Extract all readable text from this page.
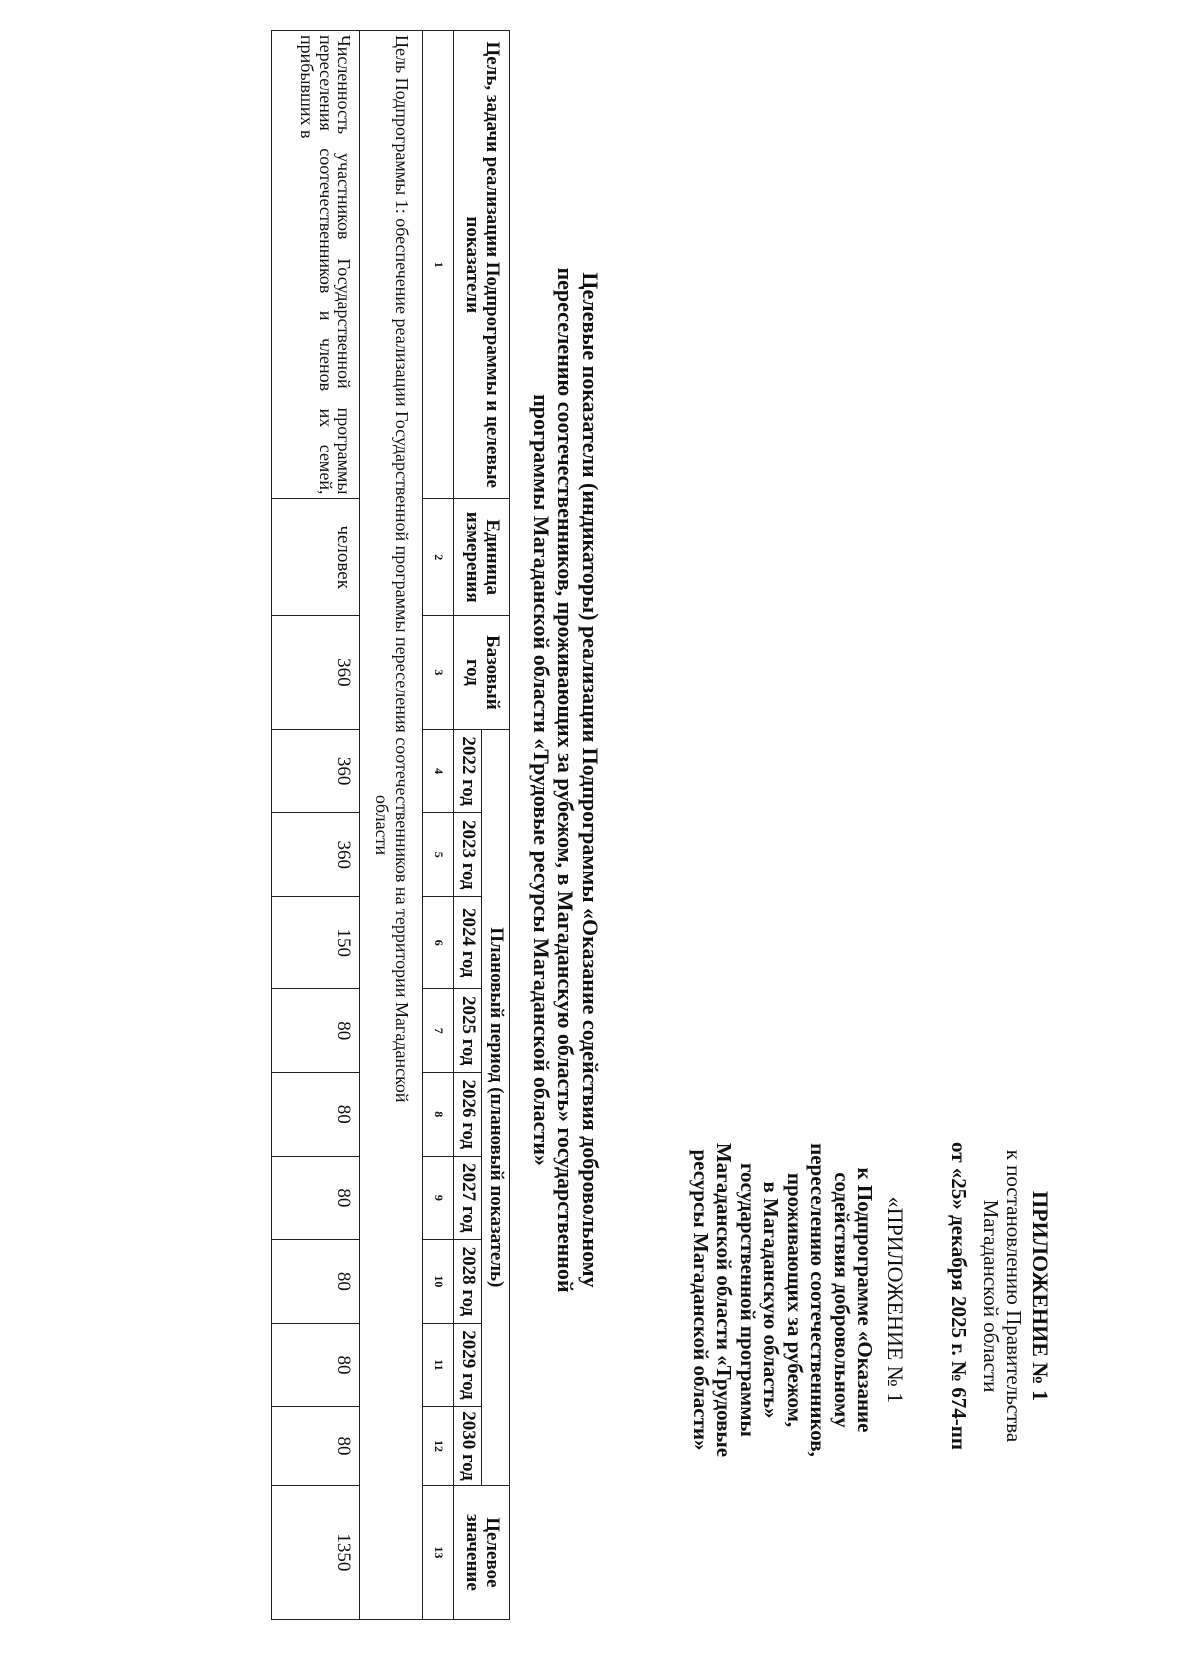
ПРИЛОЖЕНИЕ № 1
к постановлению Правительства
Магаданской области
от «25» декабря 2025 г. № 674-пп
«ПРИЛОЖЕНИЕ № 1
к Подпрограмме «Оказание
содействия добровольному
переселению соотечественников,
проживающих за рубежом,
в Магаданскую область»
государственной программы
Магаданской области «Трудовые
ресурсы Магаданской области»
Целевые показатели (индикаторы) реализации Подпрограммы «Оказание содействия добровольному
переселению соотечественников, проживающих за рубежом, в Магаданскую область» государственной
программы Магаданской области «Трудовые ресурсы Магаданской области»
Цель, задачи реализации Подпрограммы и целевые показатели	Единица измерения	Базовый год	Плановый период (плановый показатель)									Целевое значение
			2022 год	2023 год	2024 год	2025 год	2026 год	2027 год	2028 год	2029 год	2030 год	
1	2	3	4	5	6	7	8	9	10	11	12	13
Цель Подпрограммы 1: обеспечение реализации Государственной программы переселения соотечественников на территории Магаданской
области												

Численность участников Государственной программы переселения соотечественников и членов их семей, прибывших в	человек	360	360	360	150	80	80	80	80	80	80	1350
